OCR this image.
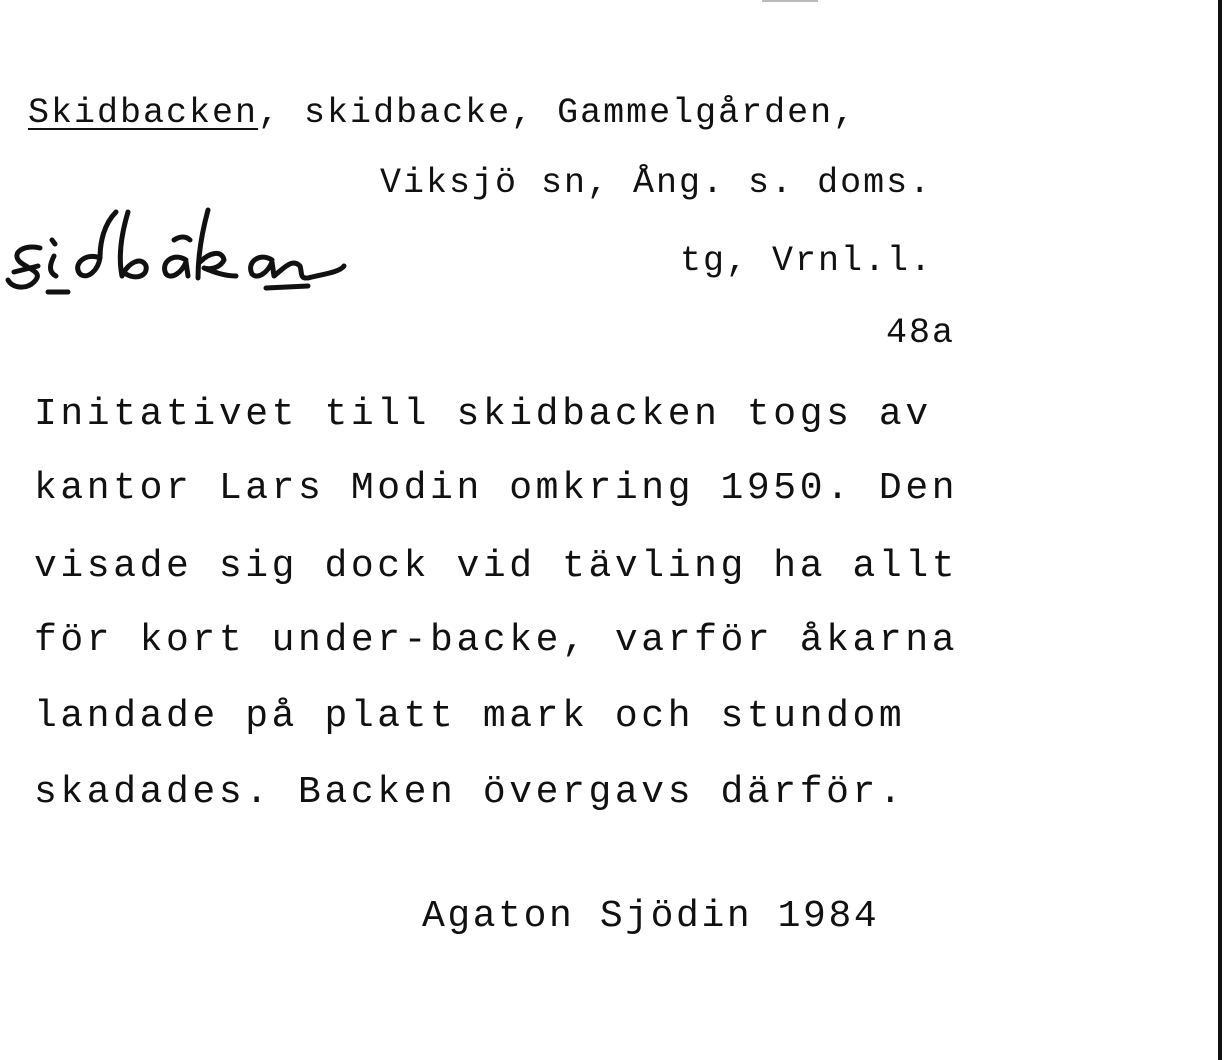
Skidbacken, skidbacke, Gammelgården,
Viksjö sn, Ång. s. doms.
tg, Vrnl.l.
48a
Initativet till skidbacken togs av
kantor Lars Modin omkring 1950. Den
visade sig dock vid tävling ha allt
för kort under-backe, varför åkarna
landade på platt mark och stundom
skadades. Backen övergavs därför.
Agaton Sjödin 1984
